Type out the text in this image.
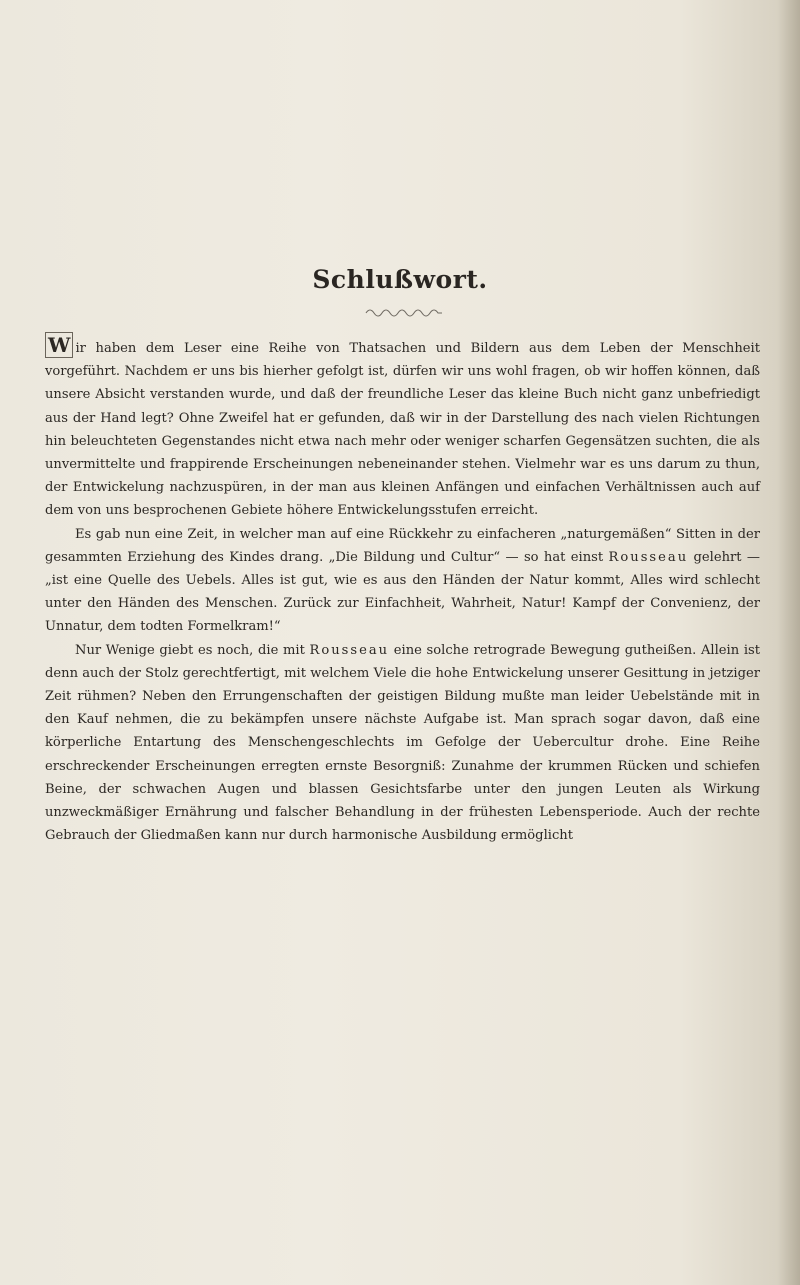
Schlußwort.

W ir haben dem Leser eine Reihe von Thatsachen und Bildern aus dem Leben der Menschheit vorgeführt. Nachdem er uns bis hierher gefolgt ist, dürfen wir uns wohl fragen, ob wir hoffen können, daß unsere Absicht verstanden wurde, und daß der freundliche Leser das kleine Buch nicht ganz unbefriedigt aus der Hand legt? Ohne Zweifel hat er gefunden, daß wir in der Darstellung des nach vielen Richtungen hin beleuchteten Gegenstandes nicht etwa nach mehr oder weniger scharfen Gegensätzen suchten, die als unvermittelte und frappirende Erscheinungen nebeneinander stehen. Vielmehr war es uns darum zu thun, der Entwickelung nachzuspüren, in der man aus kleinen Anfängen und einfachen Verhältnissen auch auf dem von uns besprochenen Gebiete höhere Entwickelungsstufen erreicht.

Es gab nun eine Zeit, in welcher man auf eine Rückkehr zu einfacheren „naturgemäßen“ Sitten in der gesammten Erziehung des Kindes drang. „Die Bildung und Cultur“ — so hat einst Rousseau gelehrt — „ist eine Quelle des Uebels. Alles ist gut, wie es aus den Händen der Natur kommt, Alles wird schlecht unter den Händen des Menschen. Zurück zur Einfachheit, Wahrheit, Natur! Kampf der Convenienz, der Unnatur, dem todten Formelkram!“

Nur Wenige giebt es noch, die mit Rousseau eine solche retrograde Bewegung gutheißen. Allein ist denn auch der Stolz gerechtfertigt, mit welchem Viele die hohe Entwickelung unserer Gesittung in jetziger Zeit rühmen? Neben den Errungenschaften der geistigen Bildung mußte man leider Uebelstände mit in den Kauf nehmen, die zu bekämpfen unsere nächste Aufgabe ist. Man sprach sogar davon, daß eine körperliche Entartung des Menschengeschlechts im Gefolge der Uebercultur drohe. Eine Reihe erschreckender Erscheinungen erregten ernste Besorgniß: Zunahme der krummen Rücken und schiefen Beine, der schwachen Augen und blassen Gesichtsfarbe unter den jungen Leuten als Wirkung unzweckmäßiger Ernährung und falscher Behandlung in der frühesten Lebensperiode. Auch der rechte Gebrauch der Gliedmaßen kann nur durch harmonische Ausbildung ermöglicht
